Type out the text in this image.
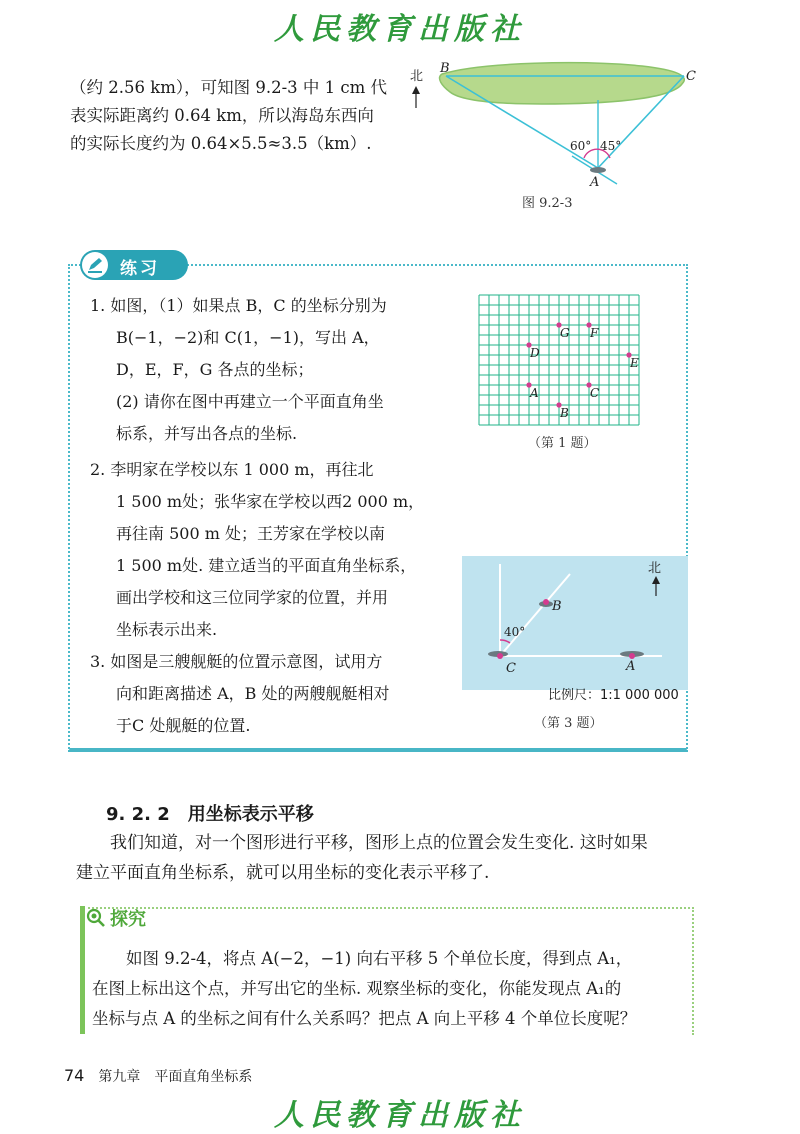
人民教育出版社
（约 2.56 km），可知图 9.2-3 中 1 cm 代
表实际距离约 0.64 km，所以海岛东西向
的实际长度约为 0.64×5.5≈3.5（km）.
北
B
C
A
60° 45°
图 9.2-3
练习
1. 如图，（1）如果点 B，C 的坐标分别为
B(−1，−2)和 C(1，−1)，写出 A，
D，E，F，G 各点的坐标；
(2) 请你在图中再建立一个平面直角坐
标系，并写出各点的坐标.
2. 李明家在学校以东 1 000 m，再往北
1 500 m处；张华家在学校以西2 000 m，
再往南 500 m 处；王芳家在学校以南
1 500 m处. 建立适当的平面直角坐标系，
画出学校和这三位同学家的位置，并用
坐标表示出来.
3. 如图是三艘舰艇的位置示意图，试用方
向和距离描述 A，B 处的两艘舰艇相对
于C 处舰艇的位置.
G F
D
E
A	C
B
（第 1 题）
北
40°
B
C	A
比例尺：1:1 000 000
（第 3 题）
9. 2. 2 用坐标表示平移
我们知道，对一个图形进行平移，图形上点的位置会发生变化. 这时如果
建立平面直角坐标系，就可以用坐标的变化表示平移了.
探究
如图 9.2-4，将点 A(−2，−1) 向右平移 5 个单位长度，得到点 A₁，
在图上标出这个点，并写出它的坐标. 观察坐标的变化，你能发现点 A₁的
坐标与点 A 的坐标之间有什么关系吗？把点 A 向上平移 4 个单位长度呢？
74 第九章 平面直角坐标系
人民教育出版社
